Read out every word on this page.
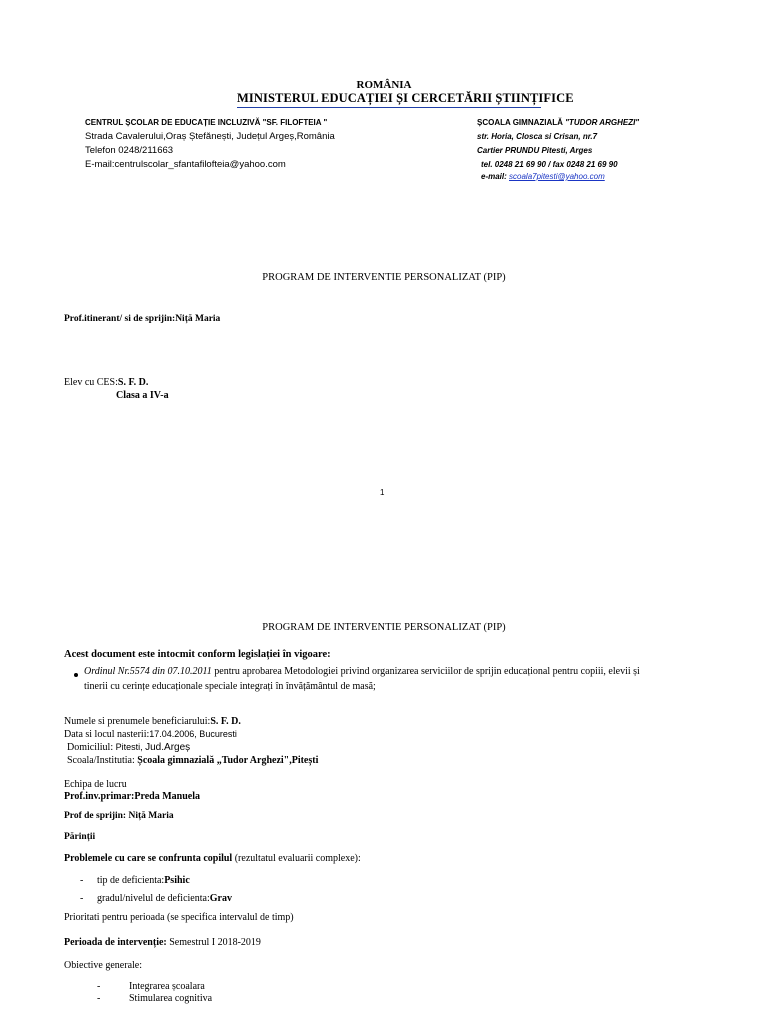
ROMÂNIA
MINISTERUL EDUCAȚIEI ȘI CERCETĂRII ȘTIINȚIFICE
CENTRUL ȘCOLAR DE EDUCAȚIE INCLUZIVĂ "SF. FILOFTEIA "
Strada Cavalerului,Oraș Ștefănești, Județul Argeș,România
Telefon 0248/211663
E-mail:centrulscolar_sfantafilofteia@yahoo.com
ȘCOALA GIMNAZIALĂ "TUDOR ARGHEZI"
str. Horia, Closca si Crisan, nr.7
Cartier PRUNDU Pitesti, Arges
tel. 0248 21 69 90 / fax 0248 21 69 90
e-mail: scoala7pitesti@yahoo.com
PROGRAM DE INTERVENTIE PERSONALIZAT (PIP)
Prof.itinerant/ si de sprijin:Niță Maria
Elev cu CES:S. F. D.
Clasa a IV-a
1
PROGRAM DE INTERVENTIE PERSONALIZAT (PIP)
Acest document este intocmit conform legislației în vigoare:
Ordinul Nr.5574 din 07.10.2011 pentru aprobarea Metodologiei privind organizarea serviciilor de sprijin educațional pentru copiii, elevii și
tinerii cu cerințe educaționale speciale integrați în învățământul de masă;
Numele si prenumele beneficiarului:S. F. D.
Data si locul nasterii:17.04.2006, Bucuresti
Domiciliul: Pitesti, Jud.Argeș
Scoala/Institutia: Școala gimnazială „Tudor Arghezi",Pitești
Echipa de lucru
Prof.inv.primar:Preda Manuela
Prof de sprijin: Niță Maria
Părinții
Problemele cu care se confrunta copilul (rezultatul evaluarii complexe):
- tip de deficienta:Psihic
- gradul/nivelul de deficienta:Grav
Prioritati pentru perioada (se specifica intervalul de timp)
Perioada de intervenție: Semestrul I 2018-2019
Obiective generale:
-	Integrarea școalara
-	Stimularea cognitiva
